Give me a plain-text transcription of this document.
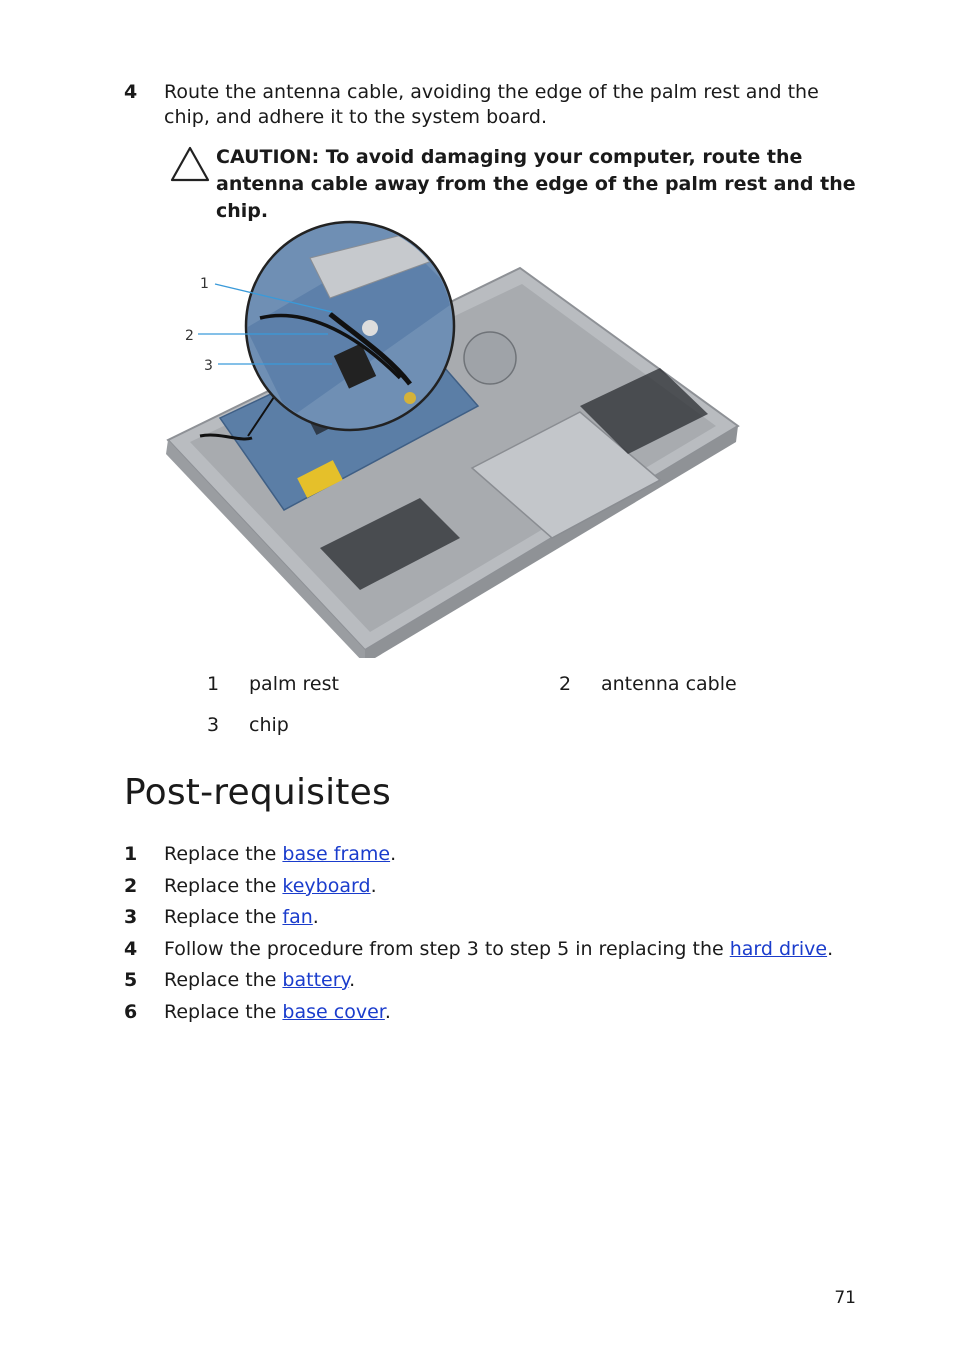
4 Route the antenna cable, avoiding the edge of the palm rest and the chip, and adhere it to the system board.
CAUTION: To avoid damaging your computer, route the antenna cable away from the edge of the palm rest and the chip.
1
2
3
1 palm rest	2 antenna cable
3 chip
Post-requisites
1 Replace the base frame.
2 Replace the keyboard.
3 Replace the fan.
4 Follow the procedure from step 3 to step 5 in replacing the hard drive.
5 Replace the battery.
6 Replace the base cover.
71
